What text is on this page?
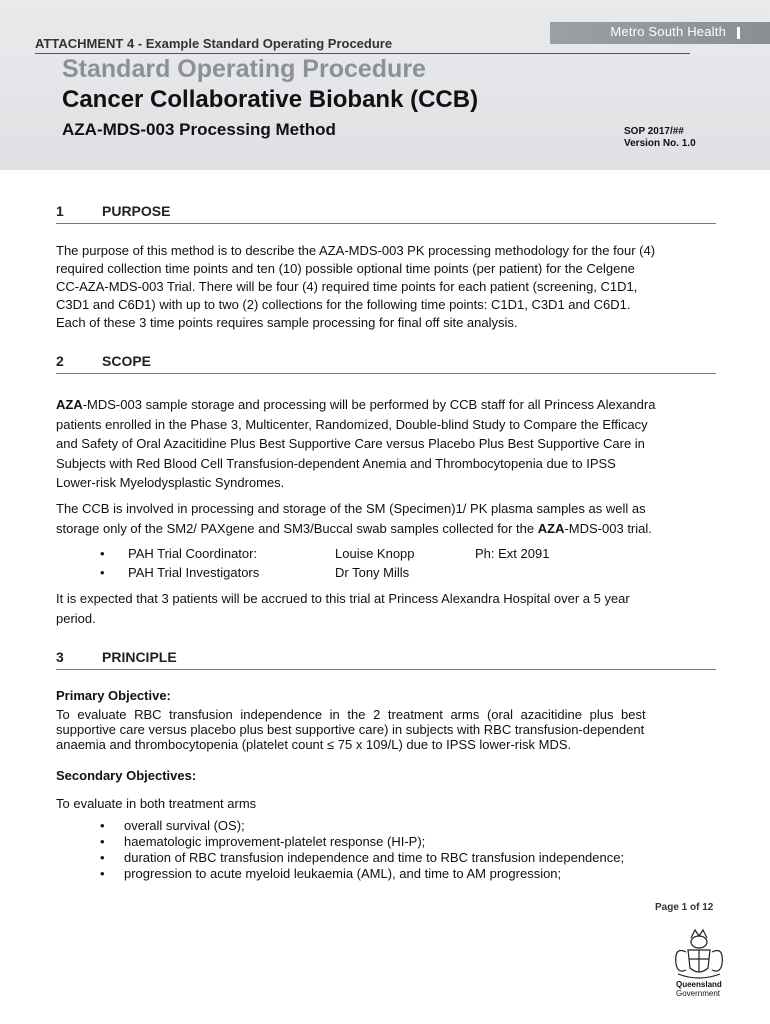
Metro South Health
ATTACHMENT 4 - Example Standard Operating Procedure
Standard Operating Procedure
Cancer Collaborative Biobank (CCB)
AZA-MDS-003 Processing Method	SOP 2017/##
Version No. 1.0
1	PURPOSE
The purpose of this method is to describe the AZA-MDS-003 PK processing methodology for the four (4)
required collection time points and ten (10) possible optional time points (per patient) for the Celgene
CC-AZA-MDS-003 Trial. There will be four (4) required time points for each patient (screening, C1D1,
C3D1 and C6D1) with up to two (2) collections for the following time points: C1D1, C3D1 and C6D1.
Each of these 3 time points requires sample processing for final off site analysis.
2	SCOPE
AZA-MDS-003 sample storage and processing will be performed by CCB staff for all Princess Alexandra
patients enrolled in the Phase 3, Multicenter, Randomized, Double-blind Study to Compare the Efficacy
and Safety of Oral Azacitidine Plus Best Supportive Care versus Placebo Plus Best Supportive Care in
Subjects with Red Blood Cell Transfusion-dependent Anemia and Thrombocytopenia due to IPSS
Lower-risk Myelodysplastic Syndromes.
The CCB is involved in processing and storage of the SM (Specimen)1/ PK plasma samples as well as
storage only of the SM2/ PAXgene and SM3/Buccal swab samples collected for the AZA-MDS-003 trial.
•	PAH Trial Coordinator:	Louise Knopp	Ph: Ext 2091
•	PAH Trial Investigators	Dr Tony Mills
It is expected that 3 patients will be accrued to this trial at Princess Alexandra Hospital over a 5 year
period.
3	PRINCIPLE
Primary Objective:
To evaluate RBC transfusion independence in the 2 treatment arms (oral azacitidine plus best
supportive care versus placebo plus best supportive care) in subjects with RBC transfusion-dependent
anaemia and thrombocytopenia (platelet count ≤ 75 x 109/L) due to IPSS lower-risk MDS.
Secondary Objectives:
To evaluate in both treatment arms
•	overall survival (OS);
•	haematologic improvement-platelet response (HI-P);
•	duration of RBC transfusion independence and time to RBC transfusion independence;
•	progression to acute myeloid leukaemia (AML), and time to AM progression;
Page 1 of 12
Queensland
Government
